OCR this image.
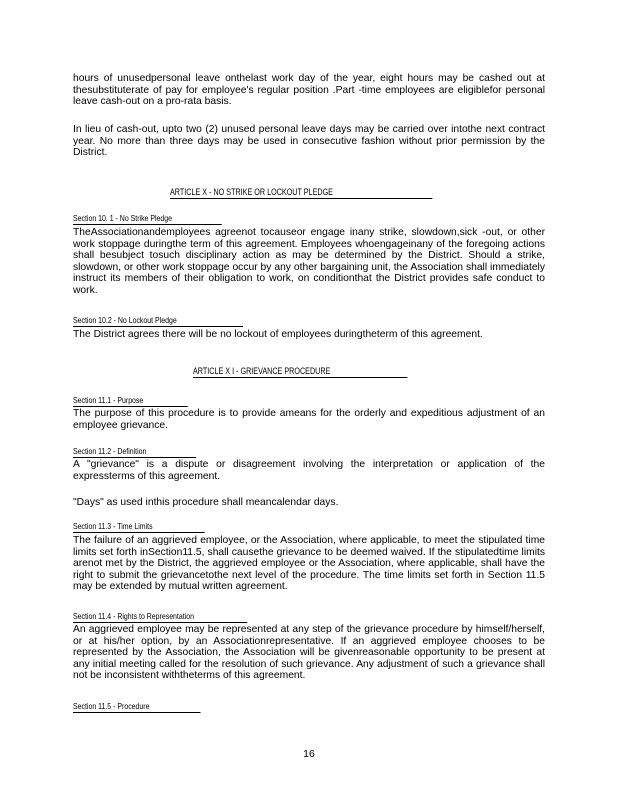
hours of unusedpersonal leave onthelast work day of the year, eight hours may be cashed out at thesubstituterate of pay for employee's regular position .Part -time employees are eligiblefor personal leave cash-out on a pro-rata basis.

In lieu of cash-out, upto two (2) unused personal leave days may be carried over intothe next contract year. No more than three days may be used in consecutive fashion without prior permission by the District.

ARTICLE X - NO STRIKE OR LOCKOUT PLEDGE
Section 10. 1 - No Strike Pledge

TheAssociationandemployees agreenot tocauseor engage inany strike, slowdown,sick -out, or other work stoppage duringthe term of this agreement. Employees whoengageinany of the foregoing actions shall besubject tosuch disciplinary action as may be determined by the District. Should a strike, slowdown, or other work stoppage occur by any other bargaining unit, the Association shall immediately instruct its members of their obligation to work, on conditionthat the District provides safe conduct to work.

Section 10.2 - No Lockout Pledge

The District agrees there will be no lockout of employees duringtheterm of this agreement.

ARTICLE X I - GRIEVANCE PROCEDURE
Section 11.1 - Purpose

The purpose of this procedure is to provide ameans for the orderly and expeditious adjustment of an employee grievance.

Section 11.2 - Definition

A "grievance" is a dispute or disagreement involving the interpretation or application of the expressterms of this agreement.

"Days" as used inthis procedure shall meancalendar days.

Section 11.3 - Time Limits

The failure of an aggrieved employee, or the Association, where applicable, to meet the stipulated time limits set forth inSection11.5, shall causethe grievance to be deemed waived. If the stipulatedtime limits arenot met by the District, the aggrieved employee or the Association, where applicable, shall have the right to submit the grievancetothe next level of the procedure. The time limits set forth in Section 11.5 may be extended by mutual written agreement.

Section 11.4 - Rights to Representation

An aggrieved employee may be represented at any step of the grievance procedure by himself/herself, or at his/her option, by an Associationrepresentative. If an aggrieved employee chooses to be represented by the Association, the Association will be givenreasonable opportunity to be present at any initial meeting called for the resolution of such grievance. Any adjustment of such a grievance shall not be inconsistent withtheterms of this agreement.

Section 11.5 - Procedure
16
